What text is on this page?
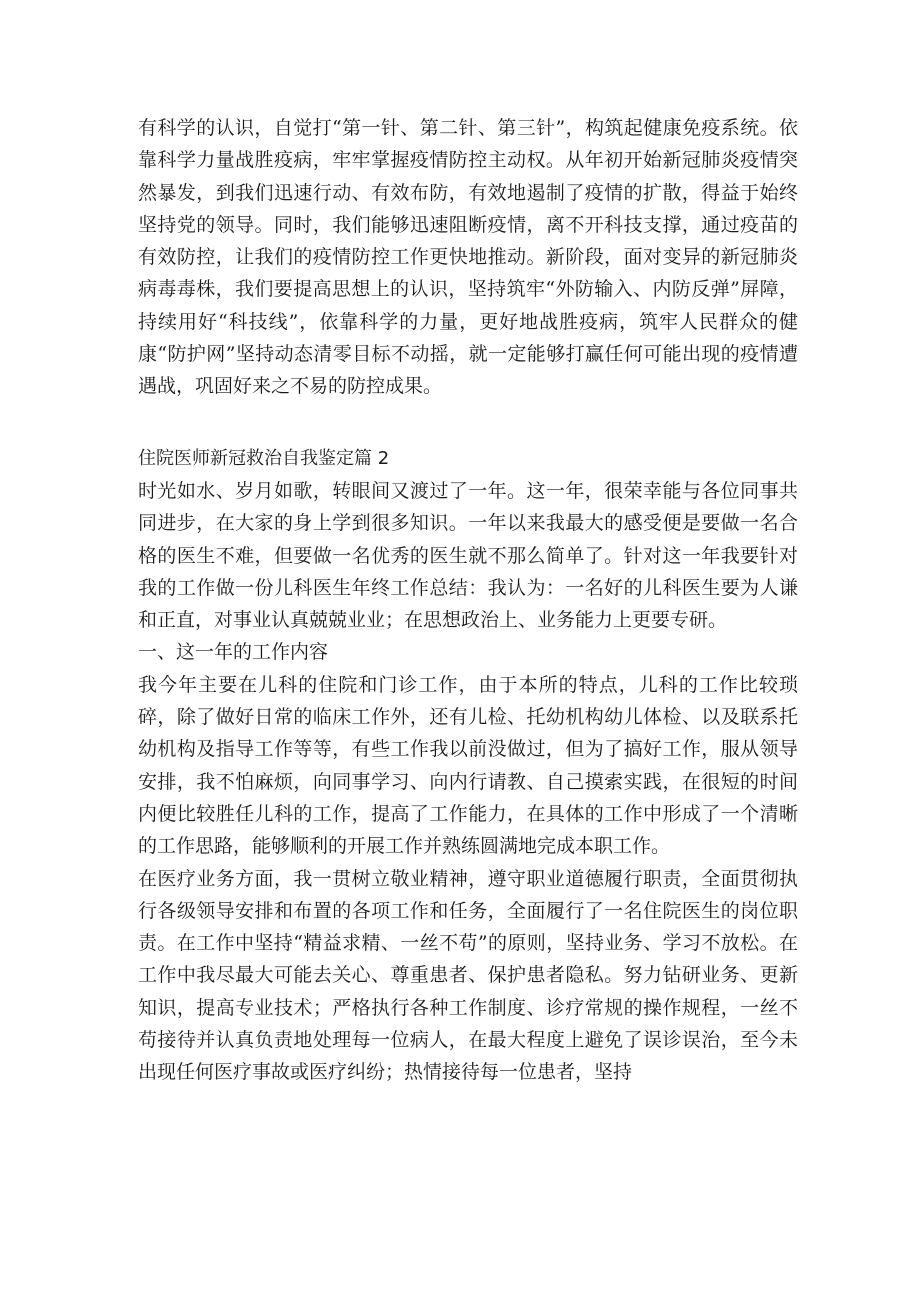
有科学的认识，自觉打“第一针、第二针、第三针”，构筑起健康免疫系统。依靠科学力量战胜疫病，牢牢掌握疫情防控主动权。从年初开始新冠肺炎疫情突然暴发，到我们迅速行动、有效布防，有效地遏制了疫情的扩散，得益于始终坚持党的领导。同时，我们能够迅速阻断疫情，离不开科技支撑，通过疫苗的有效防控，让我们的疫情防控工作更快地推动。新阶段，面对变异的新冠肺炎病毒毒株，我们要提高思想上的认识，坚持筑牢“外防输入、内防反弹”屏障，持续用好“科技线”，依靠科学的力量，更好地战胜疫病，筑牢人民群众的健康“防护网”坚持动态清零目标不动摇，就一定能够打赢任何可能出现的疫情遭遇战，巩固好来之不易的防控成果。

住院医师新冠救治自我鉴定篇 2

时光如水、岁月如歌，转眼间又渡过了一年。这一年，很荣幸能与各位同事共同进步，在大家的身上学到很多知识。一年以来我最大的感受便是要做一名合格的医生不难，但要做一名优秀的医生就不那么简单了。针对这一年我要针对我的工作做一份儿科医生年终工作总结：我认为：一名好的儿科医生要为人谦和正直，对事业认真兢兢业业；在思想政治上、业务能力上更要专研。

一、这一年的工作内容

我今年主要在儿科的住院和门诊工作，由于本所的特点，儿科的工作比较琐碎，除了做好日常的临床工作外，还有儿检、托幼机构幼儿体检、以及联系托幼机构及指导工作等等，有些工作我以前没做过，但为了搞好工作，服从领导安排，我不怕麻烦，向同事学习、向内行请教、自己摸索实践，在很短的时间内便比较胜任儿科的工作，提高了工作能力，在具体的工作中形成了一个清晰的工作思路，能够顺利的开展工作并熟练圆满地完成本职工作。

在医疗业务方面，我一贯树立敬业精神，遵守职业道德履行职责，全面贯彻执行各级领导安排和布置的各项工作和任务，全面履行了一名住院医生的岗位职责。在工作中坚持“精益求精、一丝不苟”的原则，坚持业务、学习不放松。在工作中我尽最大可能去关心、尊重患者、保护患者隐私。努力钻研业务、更新知识，提高专业技术；严格执行各种工作制度、诊疗常规的操作规程，一丝不苟接待并认真负责地处理每一位病人，在最大程度上避免了误诊误治，至今未出现任何医疗事故或医疗纠纷；热情接待每一位患者，坚持
